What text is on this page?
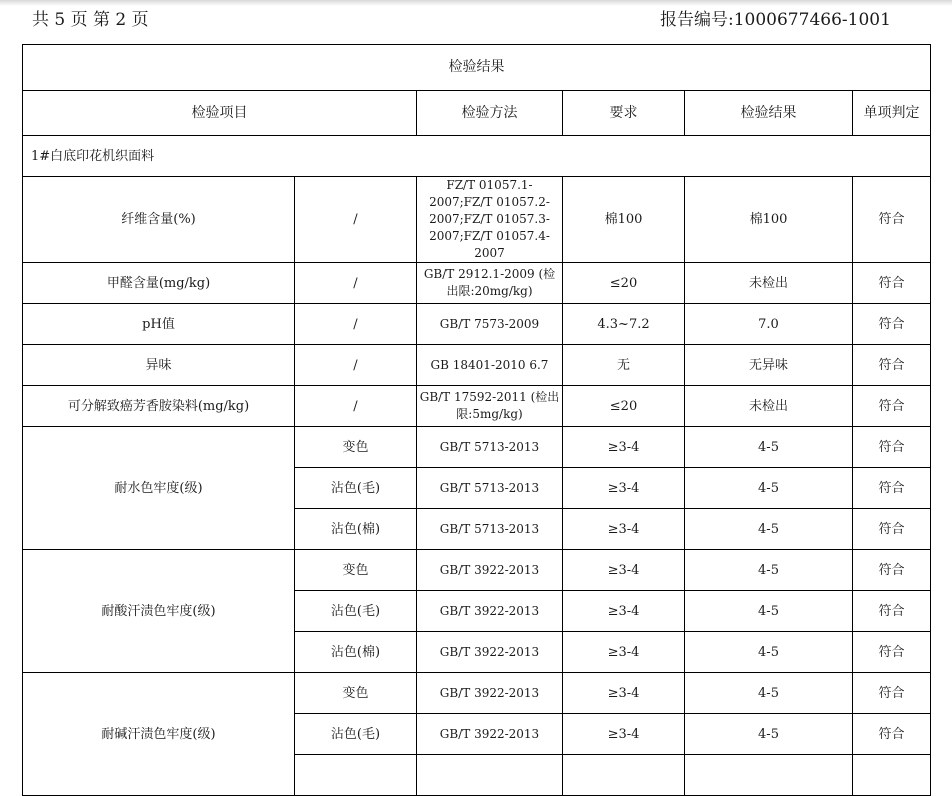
共 5 页 第 2 页	报告编号:1000677466-1001
检验结果					
检验项目		检验方法	要求	检验结果	单项判定
1#白底印花机织面料					
纤维含量(%)	/	FZ/T 01057.1-2007;FZ/T 01057.2-2007;FZ/T 01057.3-2007;FZ/T 01057.4-2007	棉100	棉100	符合
甲醛含量(mg/kg)	/	GB/T 2912.1-2009 (检出限:20mg/kg)	≤20	未检出	符合
pH值	/	GB/T 7573-2009	4.3~7.2	7.0	符合
异味	/	GB 18401-2010 6.7	无	无异味	符合
可分解致癌芳香胺染料(mg/kg)	/	GB/T 17592-2011 (检出限:5mg/kg)	≤20	未检出	符合
耐水色牢度(级)	变色	GB/T 5713-2013	≥3-4	4-5	符合
	沾色(毛)	GB/T 5713-2013	≥3-4	4-5	符合
	沾色(棉)	GB/T 5713-2013	≥3-4	4-5	符合
耐酸汗渍色牢度(级)	变色	GB/T 3922-2013	≥3-4	4-5	符合
	沾色(毛)	GB/T 3922-2013	≥3-4	4-5	符合
	沾色(棉)	GB/T 3922-2013	≥3-4	4-5	符合
耐碱汗渍色牢度(级)	变色	GB/T 3922-2013	≥3-4	4-5	符合
	沾色(毛)	GB/T 3922-2013	≥3-4	4-5	符合
